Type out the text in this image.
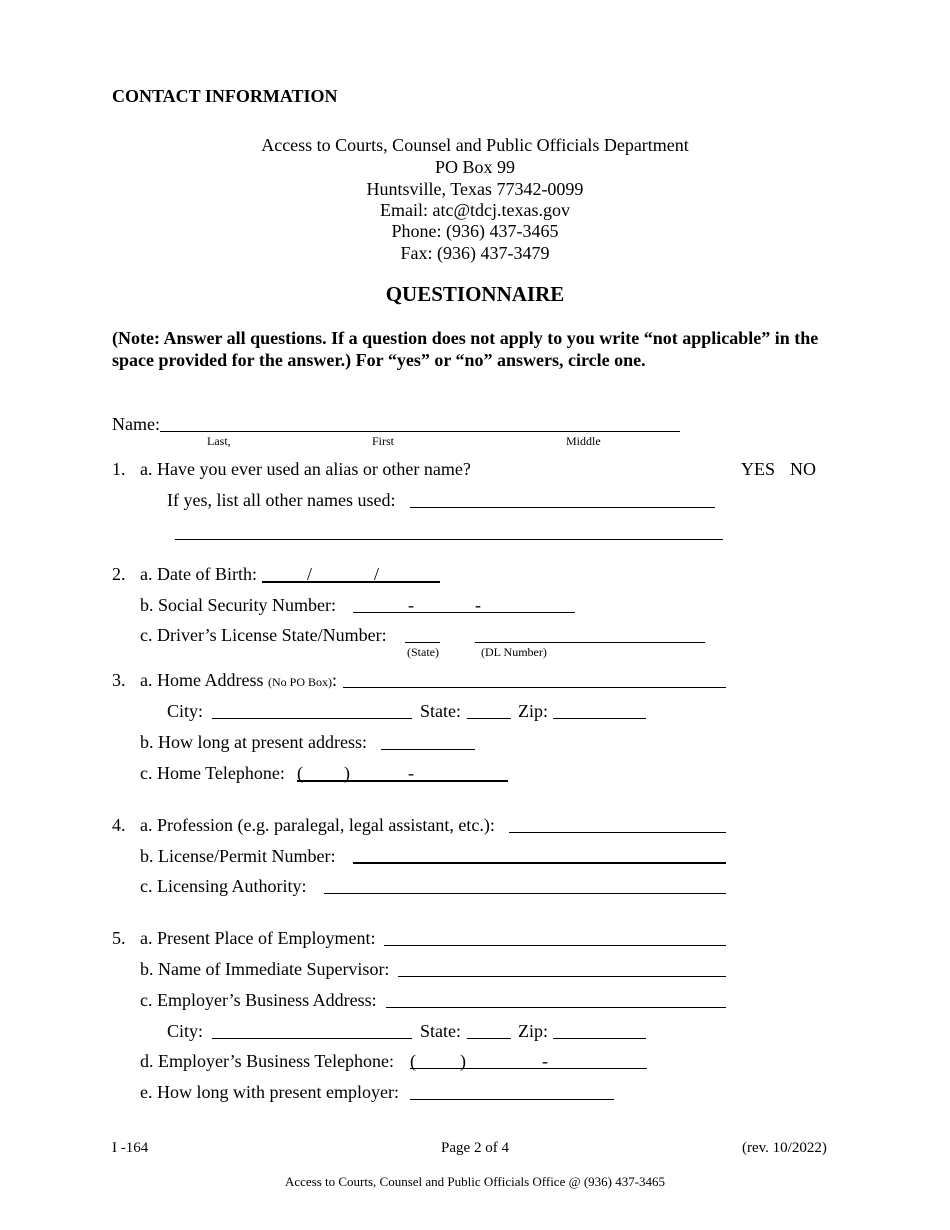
CONTACT INFORMATION
Access to Courts, Counsel and Public Officials Department
PO Box 99
Huntsville, Texas 77342-0099
Email: atc@tdcj.texas.gov
Phone: (936) 437-3465
Fax: (936) 437-3479
QUESTIONNAIRE
(Note: Answer all questions. If a question does not apply to you write “not applicable” in the
space provided for the answer.) For “yes” or “no” answers, circle one.
Name:
Last,	First	Middle
1. a. Have you ever used an alias or other name?	YES NO
If yes, list all other names used:
2. a. Date of Birth:	/	/
b. Social Security Number:	-	-
c. Driver’s License State/Number:
(State)	(DL Number)
3. a. Home Address (No PO Box):
City:	State:	Zip:
b. How long at present address:
c. Home Telephone: ( )	-
4. a. Profession (e.g. paralegal, legal assistant, etc.):
b. License/Permit Number:
c. Licensing Authority:
5. a. Present Place of Employment:
b. Name of Immediate Supervisor:
c. Employer’s Business Address:
City:	State:	Zip:
d. Employer’s Business Telephone: ( )	-
e. How long with present employer:
I -164	Page 2 of 4	(rev. 10/2022)
Access to Courts, Counsel and Public Officials Office @ (936) 437-3465
